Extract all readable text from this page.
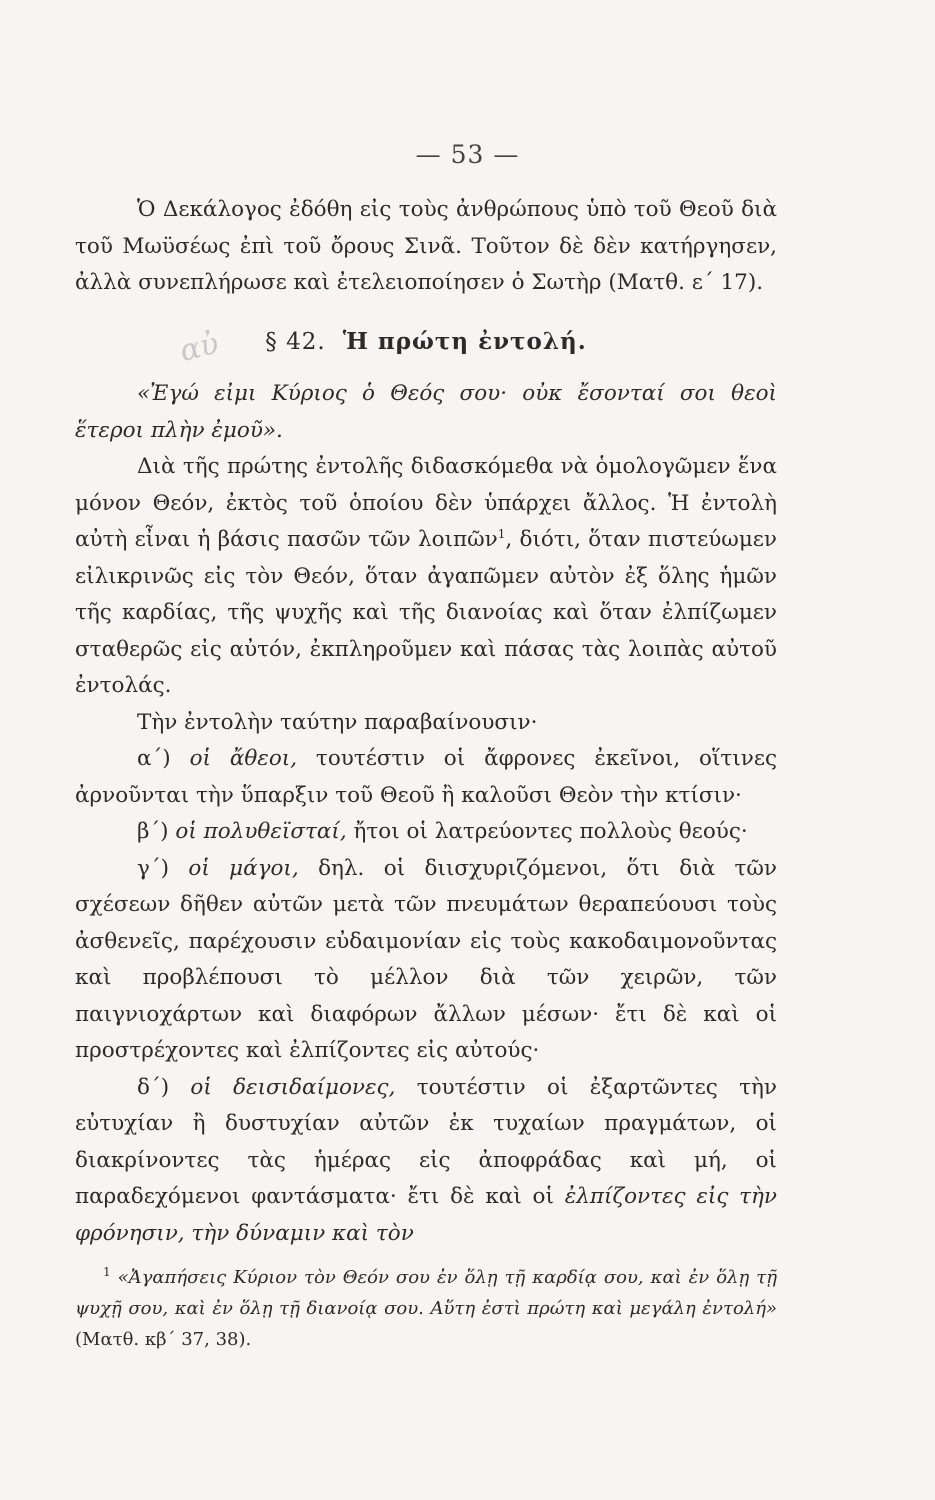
— 53 —
αὐ

Ὁ Δεκάλογος ἐδόθη εἰς τοὺς ἀνθρώπους ὑπὸ τοῦ Θεοῦ διὰ τοῦ Μωϋσέως ἐπὶ τοῦ ὄρους Σινᾶ. Τοῦτον δὲ δὲν κατήργησεν, ἀλλὰ συνεπλήρωσε καὶ ἐτελειοποίησεν ὁ Σωτὴρ (Ματθ. ε΄ 17).

§ 42. Ἡ πρώτη ἐντολή.

«Ἐγώ εἰμι Κύριος ὁ Θεός σου· οὐκ ἔσονταί σοι θεοὶ ἕτεροι πλὴν ἐμοῦ».

Διὰ τῆς πρώτης ἐντολῆς διδασκόμεθα νὰ ὁμολογῶμεν ἕνα μόνον Θεόν, ἐκτὸς τοῦ ὁποίου δὲν ὑπάρχει ἄλλος. Ἡ ἐντολὴ αὐτὴ εἶναι ἡ βάσις πασῶν τῶν λοιπῶν$^1$, διότι, ὅταν πιστεύωμεν εἰλικρινῶς εἰς τὸν Θεόν, ὅταν ἀγαπῶμεν αὐτὸν ἐξ ὅλης ἡμῶν τῆς καρδίας, τῆς ψυχῆς καὶ τῆς διανοίας καὶ ὅταν ἐλπίζωμεν σταθερῶς εἰς αὐτόν, ἐκπληροῦμεν καὶ πάσας τὰς λοιπὰς αὐτοῦ ἐντολάς.

Τὴν ἐντολὴν ταύτην παραβαίνουσιν·

α΄) οἱ ἄθεοι, τουτέστιν οἱ ἄφρονες ἐκεῖνοι, οἵτινες ἀρνοῦνται τὴν ὕπαρξιν τοῦ Θεοῦ ἢ καλοῦσι Θεὸν τὴν κτίσιν·

β΄) οἱ πολυθεϊσταί, ἤτοι οἱ λατρεύοντες πολλοὺς θεούς·

γ΄) οἱ μάγοι, δηλ. οἱ διισχυριζόμενοι, ὅτι διὰ τῶν σχέσεων δῆθεν αὐτῶν μετὰ τῶν πνευμάτων θεραπεύουσι τοὺς ἀσθενεῖς, παρέχουσιν εὐδαιμονίαν εἰς τοὺς κακοδαιμονοῦντας καὶ προβλέπουσι τὸ μέλλον διὰ τῶν χειρῶν, τῶν παιγνιοχάρτων καὶ διαφόρων ἄλλων μέσων· ἔτι δὲ καὶ οἱ προστρέχοντες καὶ ἐλπίζοντες εἰς αὐτούς·

δ΄) οἱ δεισιδαίμονες, τουτέστιν οἱ ἐξαρτῶντες τὴν εὐτυχίαν ἢ δυστυχίαν αὐτῶν ἐκ τυχαίων πραγμάτων, οἱ διακρίνοντες τὰς ἡμέρας εἰς ἀποφράδας καὶ μή, οἱ παραδεχόμενοι φαντάσματα· ἔτι δὲ καὶ οἱ ἐλπίζοντες εἰς τὴν φρόνησιν, τὴν δύναμιν καὶ τὸν

$^1$ «Ἀγαπήσεις Κύριον τὸν Θεόν σου ἐν ὅλῃ τῇ καρδίᾳ σου, καὶ ἐν ὅλῃ τῇ ψυχῇ σου, καὶ ἐν ὅλῃ τῇ διανοίᾳ σου. Αὕτη ἐστὶ πρώτη καὶ μεγάλη ἐντολή» (Ματθ. κβ΄ 37, 38).
